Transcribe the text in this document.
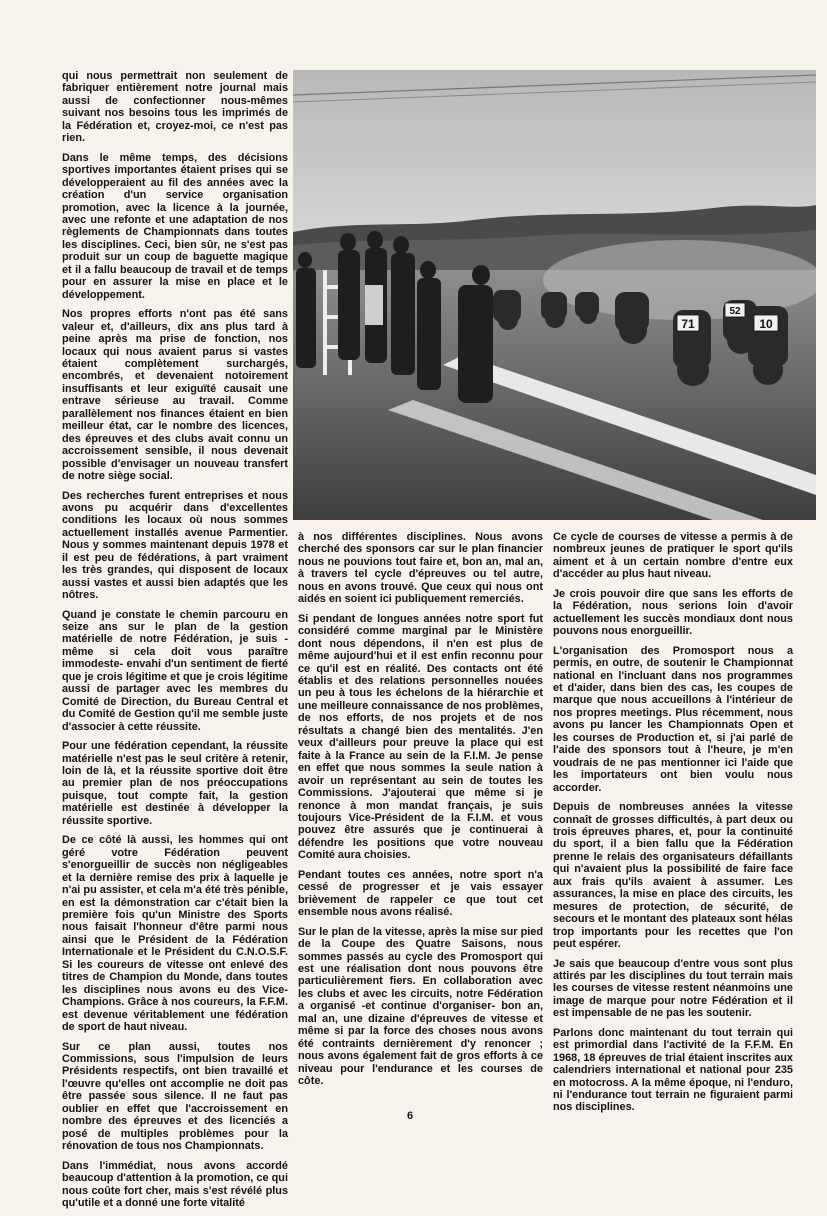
qui nous permettrait non seulement de fabriquer entièrement notre journal mais aussi de confectionner nous-mêmes suivant nos besoins tous les imprimés de la Fédération et, croyez-moi, ce n'est pas rien.

Dans le même temps, des décisions sportives importantes étaient prises qui se développeraient au fil des années avec la création d'un service organisation promotion, avec la licence à la journée, avec une refonte et une adaptation de nos règlements de Championnats dans toutes les disciplines. Ceci, bien sûr, ne s'est pas produit sur un coup de baguette magique et il a fallu beaucoup de travail et de temps pour en assurer la mise en place et le développement.

Nos propres efforts n'ont pas été sans valeur et, d'ailleurs, dix ans plus tard à peine après ma prise de fonction, nos locaux qui nous avaient parus si vastes étaient complètement surchargés, encombrés, et devenaient notoirement insuffisants et leur exiguïté causait une entrave sérieuse au travail. Comme parallèlement nos finances étaient en bien meilleur état, car le nombre des licences, des épreuves et des clubs avait connu un accroissement sensible, il nous devenait possible d'envisager un nouveau transfert de notre siège social.

Des recherches furent entreprises et nous avons pu acquérir dans d'excellentes conditions les locaux où nous sommes actuellement installés avenue Parmentier. Nous y sommes maintenant depuis 1978 et il est peu de fédérations, à part vraiment les très grandes, qui disposent de locaux aussi vastes et aussi bien adaptés que les nôtres.

Quand je constate le chemin parcouru en seize ans sur le plan de la gestion matérielle de notre Fédération, je suis -même si cela doit vous paraître immodeste- envahi d'un sentiment de fierté que je crois légitime et que je crois légitime aussi de partager avec les membres du Comité de Direction, du Bureau Central et du Comité de Gestion qu'il me semble juste d'associer à cette réussite.

Pour une fédération cependant, la réussite matérielle n'est pas le seul critère à retenir, loin de là, et la réussite sportive doit être au premier plan de nos préoccupations puisque, tout compte fait, la gestion matérielle est destinée à développer la réussite sportive.

De ce côté là aussi, les hommes qui ont géré votre Fédération peuvent s'enorgueillir de succès non négligeables et la dernière remise des prix à laquelle je n'ai pu assister, et cela m'a été très pénible, en est la démonstration car c'était bien la première fois qu'un Ministre des Sports nous faisait l'honneur d'être parmi nous ainsi que le Président de la Fédération Internationale et le Président du C.N.O.S.F. Si les coureurs de vitesse ont enlevé des titres de Champion du Monde, dans toutes les disciplines nous avons eu des Vice-Champions. Grâce à nos coureurs, la F.F.M. est devenue véritablement une fédération de sport de haut niveau.

Sur ce plan aussi, toutes nos Commissions, sous l'impulsion de leurs Présidents respectifs, ont bien travaillé et l'œuvre qu'elles ont accomplie ne doit pas être passée sous silence. Il ne faut pas oublier en effet que l'accroissement en nombre des épreuves et des licenciés a posé de multiples problèmes pour la rénovation de tous nos Championnats.

Dans l'immédiat, nous avons accordé beaucoup d'attention à la promotion, ce qui nous coûte fort cher, mais s'est révélé plus qu'utile et a donné une forte vitalité

71	10
52

à nos différentes disciplines. Nous avons cherché des sponsors car sur le plan financier nous ne pouvions tout faire et, bon an, mal an, à travers tel cycle d'épreuves ou tel autre, nous en avons trouvé. Que ceux qui nous ont aidés en soient ici publiquement remerciés.

Si pendant de longues années notre sport fut considéré comme marginal par le Ministère dont nous dépendons, il n'en est plus de même aujourd'hui et il est enfin reconnu pour ce qu'il est en réalité. Des contacts ont été établis et des relations personnelles nouées un peu à tous les échelons de la hiérarchie et une meilleure connaissance de nos problèmes, de nos efforts, de nos projets et de nos résultats a changé bien des mentalités. J'en veux d'ailleurs pour preuve la place qui est faite à la France au sein de la F.I.M. Je pense en effet que nous sommes la seule nation à avoir un représentant au sein de toutes les Commissions. J'ajouterai que même si je renonce à mon mandat français, je suis toujours Vice-Président de la F.I.M. et vous pouvez être assurés que je continuerai à défendre les positions que votre nouveau Comité aura choisies.

Pendant toutes ces années, notre sport n'a cessé de progresser et je vais essayer brièvement de rappeler ce que tout cet ensemble nous avons réalisé.

Sur le plan de la vitesse, après la mise sur pied de la Coupe des Quatre Saisons, nous sommes passés au cycle des Promosport qui est une réalisation dont nous pouvons être particulièrement fiers. En collaboration avec les clubs et avec les circuits, notre Fédération a organisé -et continue d'organiser- bon an, mal an, une dizaine d'épreuves de vitesse et même si par la force des choses nous avons été contraints dernièrement d'y renoncer ; nous avons également fait de gros efforts à ce niveau pour l'endurance et les courses de côte.

Ce cycle de courses de vitesse a permis à de nombreux jeunes de pratiquer le sport qu'ils aiment et à un certain nombre d'entre eux d'accéder au plus haut niveau.

Je crois pouvoir dire que sans les efforts de la Fédération, nous serions loin d'avoir actuellement les succès mondiaux dont nous pouvons nous enorgueillir.

L'organisation des Promosport nous a permis, en outre, de soutenir le Championnat national en l'incluant dans nos programmes et d'aider, dans bien des cas, les coupes de marque que nous accueillons à l'intérieur de nos propres meetings. Plus récemment, nous avons pu lancer les Championnats Open et les courses de Production et, si j'ai parlé de l'aide des sponsors tout à l'heure, je m'en voudrais de ne pas mentionner ici l'aide que les importateurs ont bien voulu nous accorder.

Depuis de nombreuses années la vitesse connaît de grosses difficultés, à part deux ou trois épreuves phares, et, pour la continuité du sport, il a bien fallu que la Fédération prenne le relais des organisateurs défaillants qui n'avaient plus la possibilité de faire face aux frais qu'ils avaient à assumer. Les assurances, la mise en place des circuits, les mesures de protection, de sécurité, de secours et le montant des plateaux sont hélas trop importants pour les recettes que l'on peut espérer.

Je sais que beaucoup d'entre vous sont plus attirés par les disciplines du tout terrain mais les courses de vitesse restent néanmoins une image de marque pour notre Fédération et il est impensable de ne pas les soutenir.

Parlons donc maintenant du tout terrain qui est primordial dans l'activité de la F.F.M. En 1968, 18 épreuves de trial étaient inscrites aux calendriers international et national pour 235 en motocross. A la même époque, ni l'enduro, ni l'endurance tout terrain ne figuraient parmi nos disciplines.

6
